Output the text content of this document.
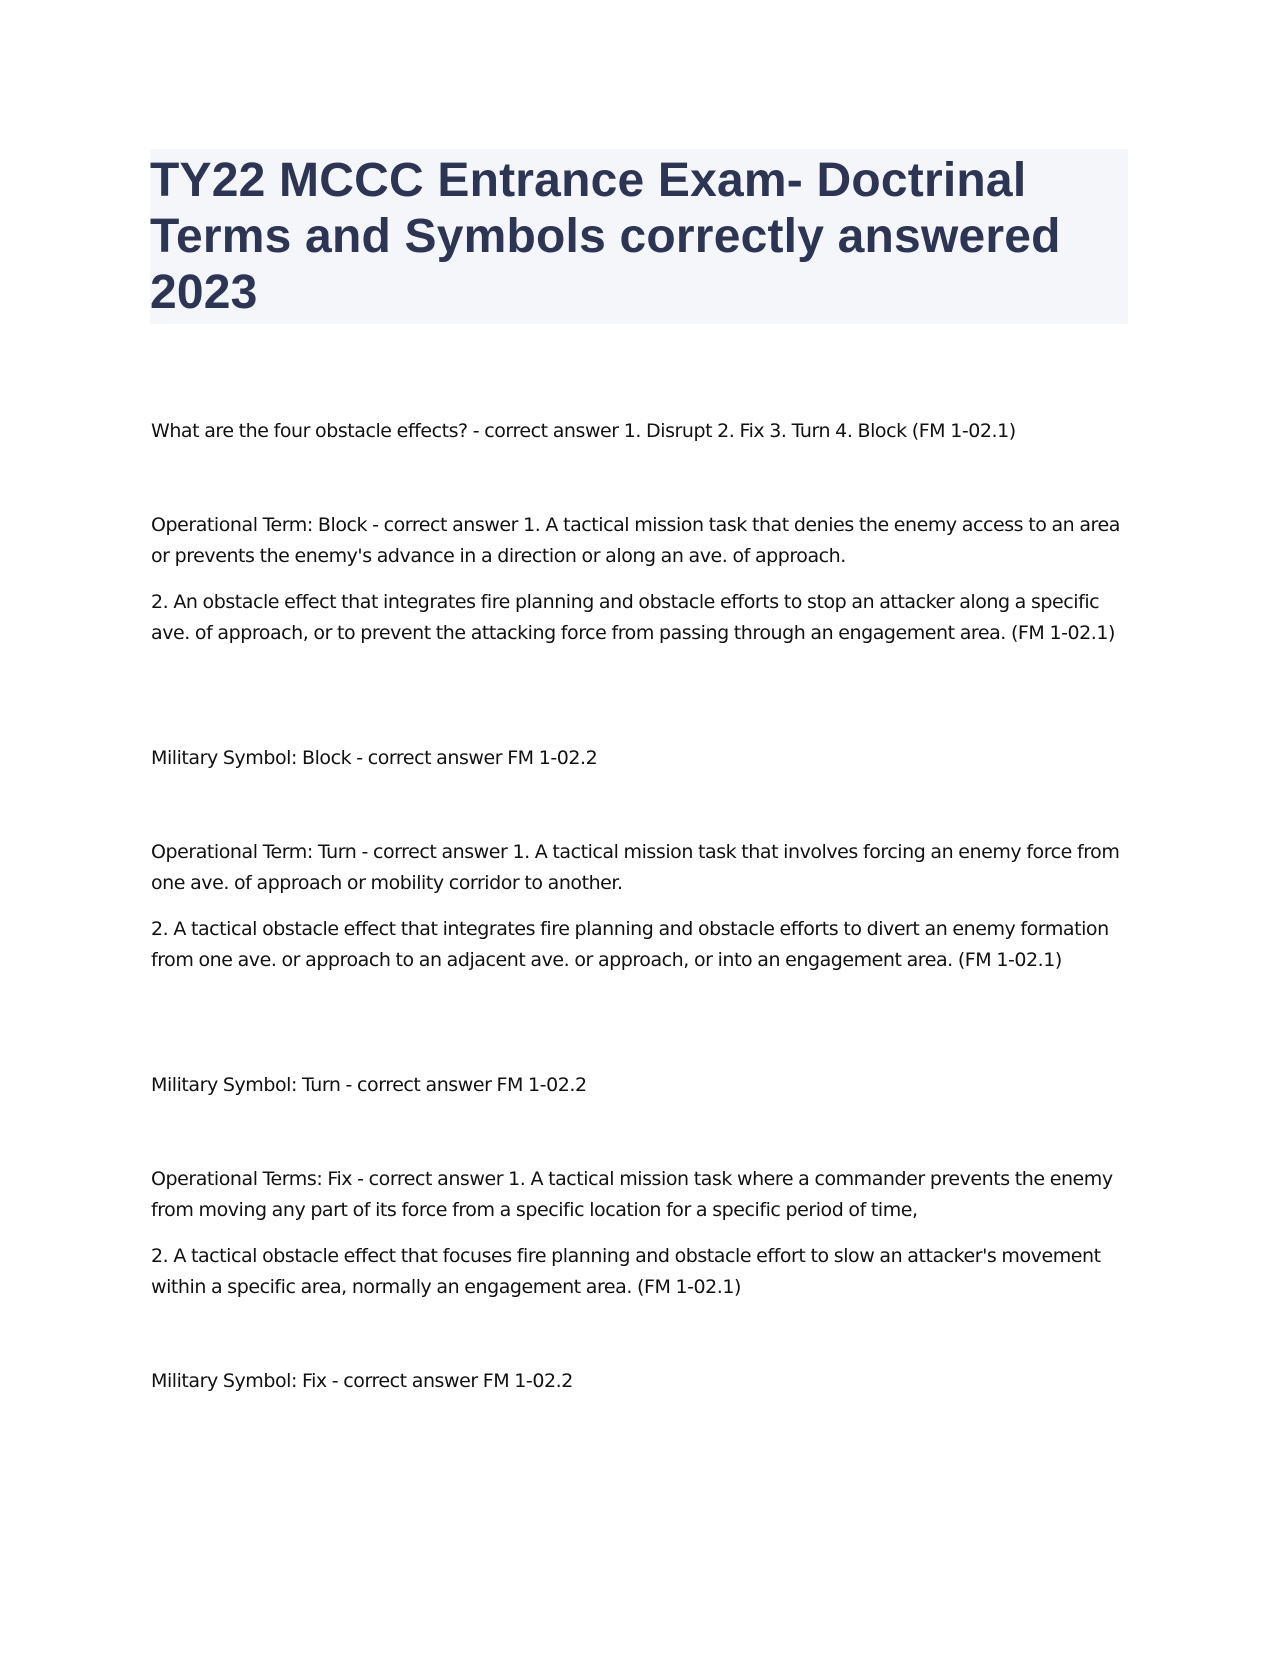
TY22 MCCC Entrance Exam- Doctrinal Terms and Symbols correctly answered 2023

What are the four obstacle effects? - correct answer 1. Disrupt 2. Fix 3. Turn 4. Block (FM 1-02.1)

Operational Term: Block - correct answer 1. A tactical mission task that denies the enemy access to an area or prevents the enemy's advance in a direction or along an ave. of approach.

2. An obstacle effect that integrates fire planning and obstacle efforts to stop an attacker along a specific ave. of approach, or to prevent the attacking force from passing through an engagement area. (FM 1-02.1)

Military Symbol: Block - correct answer FM 1-02.2

Operational Term: Turn - correct answer 1. A tactical mission task that involves forcing an enemy force from one ave. of approach or mobility corridor to another.

2. A tactical obstacle effect that integrates fire planning and obstacle efforts to divert an enemy formation from one ave. or approach to an adjacent ave. or approach, or into an engagement area. (FM 1-02.1)

Military Symbol: Turn - correct answer FM 1-02.2

Operational Terms: Fix - correct answer 1. A tactical mission task where a commander prevents the enemy from moving any part of its force from a specific location for a specific period of time,

2. A tactical obstacle effect that focuses fire planning and obstacle effort to slow an attacker's movement within a specific area, normally an engagement area. (FM 1-02.1)

Military Symbol: Fix - correct answer FM 1-02.2
